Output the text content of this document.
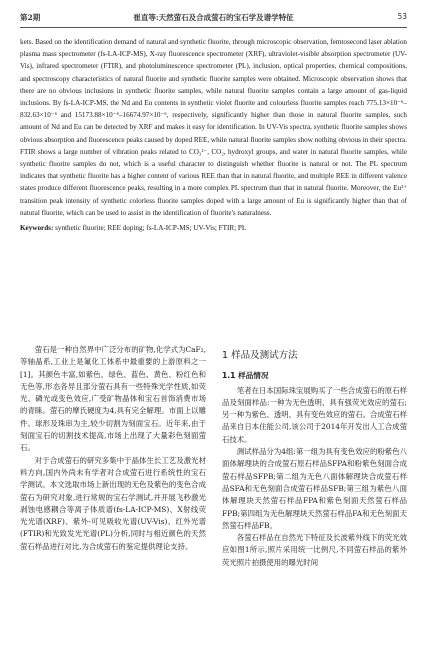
第2期	崔直等:天然萤石及合成萤石的宝石学及谱学特征	53

kets. Based on the identification demand of natural and synthetic fluorite, through microscopic observation, femtosecond laser ablation plasma mass spectrometer (fs-LA-ICP-MS), X-ray fluorescence spectrometer (XRF), ultraviolet-visible absorption spectrometer (UV-Vis), infrared spectrometer (FTIR), and photoluminescence spectrometer (PL), inclusion, optical properties, chemical compositions, and spectroscopy characteristics of natural fluorite and synthetic fluorite samples were obtained. Microscopic observation shows that there are no obvious inclusions in synthetic fluorite samples, while natural fluorite samples contain a large amount of gas-liquid inclusions. By fs-LA-ICP-MS, the Nd and Eu contents in synthetic violet fluorite and colourless fluorite samples reach 775.13×10⁻⁶–832.63×10⁻⁶ and 15173.88×10⁻⁶–16674.97×10⁻⁶, respectively, significantly higher than those in natural fluorite samples, such amount of Nd and Eu can be detected by XRF and makes it easy for identification. In UV-Vis spectra, synthetic fluorite samples shows obvious absorption and fluorescence peaks caused by doped REE, while natural fluorite samples show nothing obvious in their spectra. FTIR shows a large number of vibration peaks related to CO₃²⁻, CO₂, hydroxyl groups, and water in natural fluorite samples, while synthetic fluorite samples do not, which is a useful character to distinguish whether fluorite is natural or not. The PL spectrum indicates that synthetic fluorite has a higher content of various REE than that in natural fluorite, and multiple REE in different valence states produce different fluorescence peaks, resulting in a more complex PL spectrum than that in natural fluorite. Moreover, the Eu²⁺ transition peak intensity of synthetic colorless fluorite samples doped with a large amount of Eu is significantly higher than that of natural fluorite, which can be used to assist in the identification of fluorite's naturalness.

Keywords: synthetic fluorite; REE doping; fs-LA-ICP-MS; UV-Vis; FTIR; PL

萤石是一种自然界中广泛分布的矿物,化学式为CaF₂,等轴晶系,工业上是氟化工体系中最重要的上游原料之一[1]。其颜色丰富,如紫色、绿色、蓝色、黄色、粉红色和无色等,形态各异且部分萤石具有一些特殊光学性质,如荧光、磷光或变色效应,广受矿物晶体和宝石首饰消费市场的青睐。萤石的摩氏硬度为4,具有完全解理。市面上以雕件、球形及珠串为主,较少切割为刻面宝石。近年来,由于刻面宝石的切割技术提高,市场上出现了大量彩色刻面萤石。

对于合成萤石的研究多集中于晶体生长工艺及激光材料方向,国内外尚未有学者对合成萤石进行系统性的宝石学测试。本文选取市场上新出现的无色及紫色的变色合成萤石为研究对象,进行常规的宝石学测试,并开展飞秒激光剥蚀电感耦合等离子体质谱(fs-LA-ICP-MS)、X射线荧光光谱(XRF)、紫外-可见吸收光谱(UV-Vis)、红外光谱(FTIR)和光致发光光谱(PL)分析,同时与相近颜色的天然萤石样品进行对比,为合成萤石的鉴定提供理论支持。

1 样品及测试方法
1.1 样品情况

笔者在日本国际珠宝展购买了一些合成萤石的原石样品及刻面样品:一种为无色透明、具有强荧光效应的萤石;另一种为紫色、透明、具有变色效应的萤石。合成萤石样品来自日本住能公司,该公司于2014年开发出人工合成萤石技术。

测试样品分为4组:第一组为具有变色效应的粉紫色八面体解理块的合成萤石原石样品SFPA和粉紫色刻面合成萤石样品SFPB;第二组为无色八面体解理块合成萤石样品SFA和无色刻面合成萤石样品SFB;第三组为紫色八面体解理块天然萤石样品FPA和紫色刻面天然萤石样品FPB;第四组为无色解理块天然萤石样品FA和无色刻面天然萤石样品FB。

各萤石样品在自然光下特征及长波紫外线下的荧光效应如图1所示,照片采用统一比例尺,不同萤石样品的紫外荧光照片拍摄使用的曝光时间
